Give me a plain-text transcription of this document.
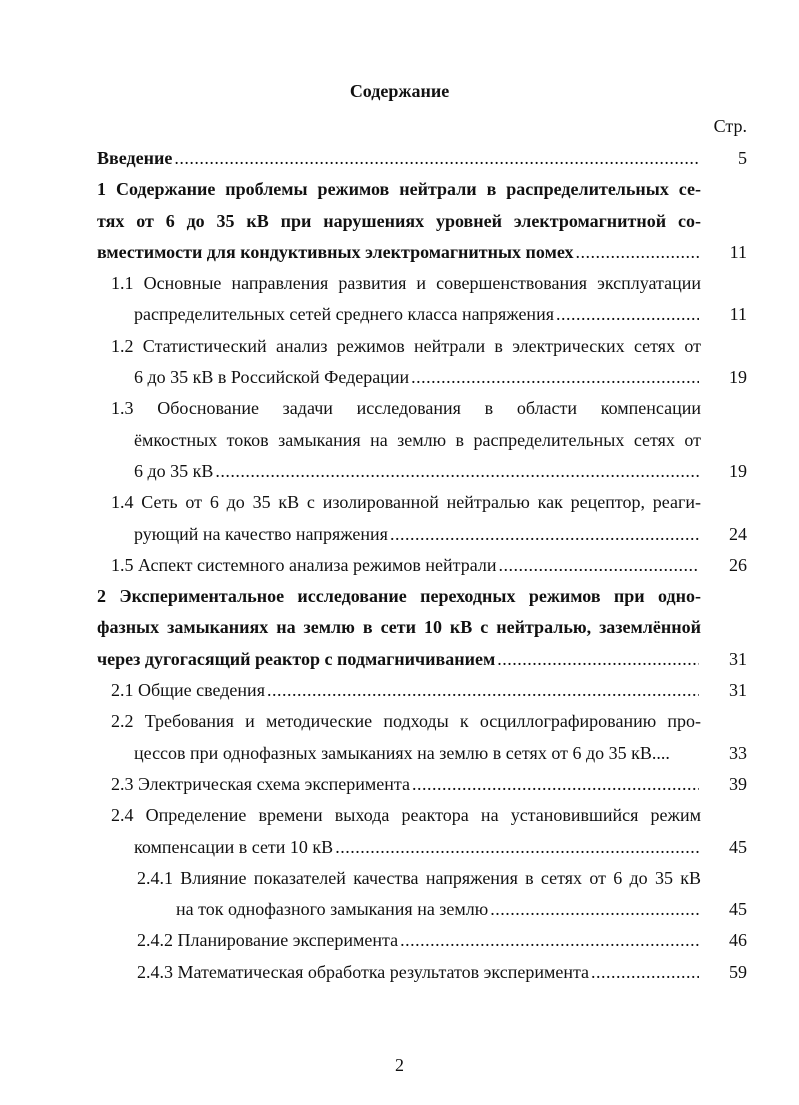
Содержание
Стр.
Введение .....	5
1 Содержание проблемы режимов нейтрали в распределительных се-
тях от 6 до 35 кВ при нарушениях уровней электромагнитной со-
вместимости для кондуктивных электромагнитных помех .....	11
1.1 Основные направления развития и совершенствования эксплуатации
распределительных сетей среднего класса напряжения .....	11
1.2 Статистический анализ режимов нейтрали в электрических сетях от
6 до 35 кВ в Российской Федерации .....	19
1.3 Обоснование задачи исследования в области компенсации
ёмкостных токов замыкания на землю в распределительных сетях от
6 до 35 кВ .....	19
1.4 Сеть от 6 до 35 кВ с изолированной нейтралью как рецептор, реаги-
рующий на качество напряжения .....	24
1.5 Аспект системного анализа режимов нейтрали .....	26
2 Экспериментальное исследование переходных режимов при одно-
фазных замыканиях на землю в сети 10 кВ с нейтралью, заземлённой
через дугогасящий реактор с подмагничиванием .....	31
2.1 Общие сведения .....	31
2.2 Требования и методические подходы к осциллографированию про-
цессов при однофазных замыканиях на землю в сетях от 6 до 35 кВ....	33
2.3 Электрическая схема эксперимента .....	39
2.4 Определение времени выхода реактора на установившийся режим
компенсации в сети 10 кВ .....	45
2.4.1 Влияние показателей качества напряжения в сетях от 6 до 35 кВ
на ток однофазного замыкания на землю .....	45
2.4.2 Планирование эксперимента .....	46
2.4.3 Математическая обработка результатов эксперимента .....	59
2
